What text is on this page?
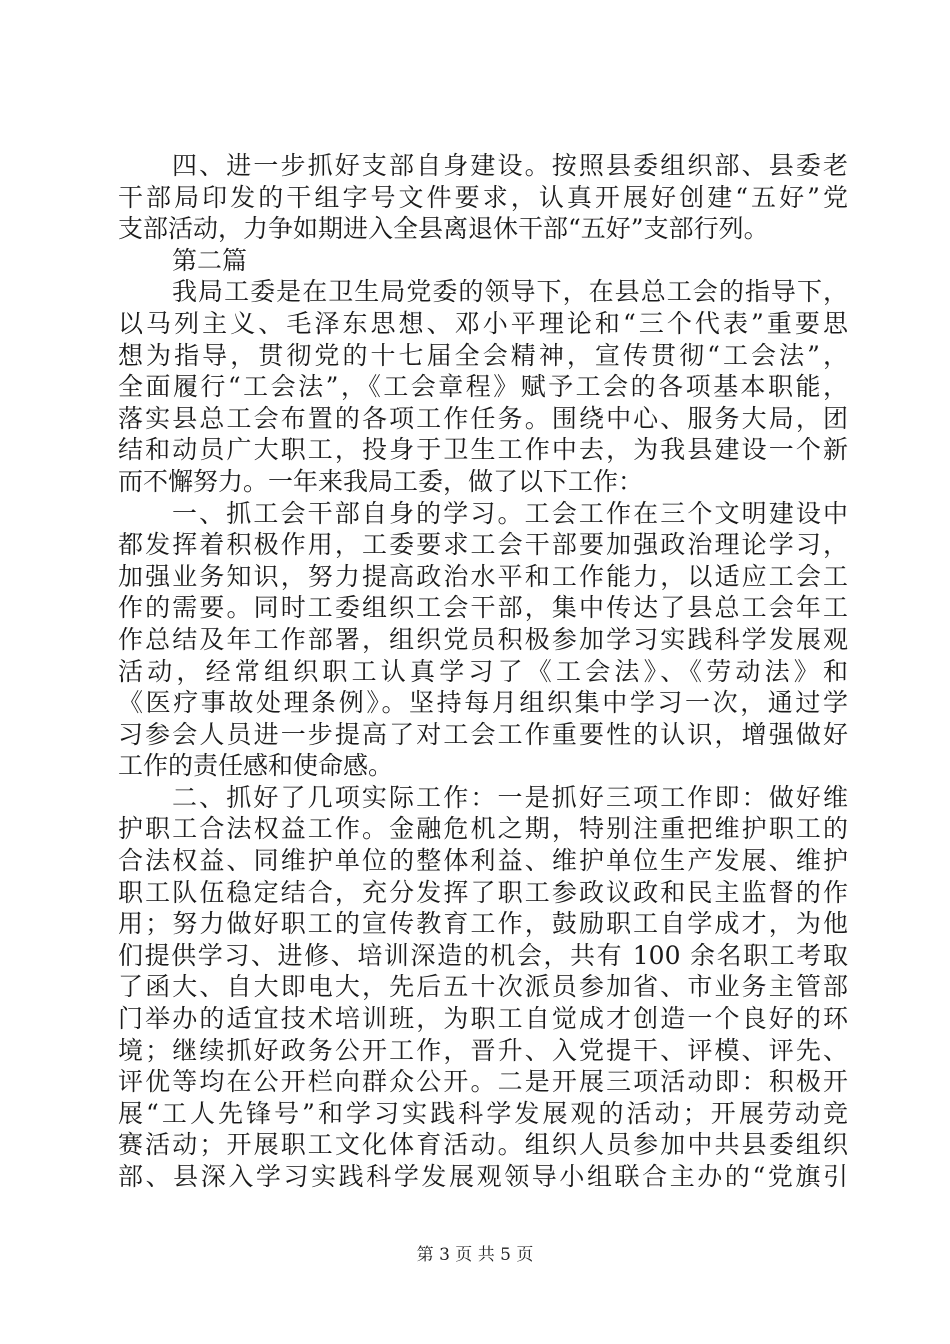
四、进一步抓好支部自身建设。按照县委组织部、县委老
干部局印发的干组字号文件要求，认真开展好创建“五好”党
支部活动，力争如期进入全县离退休干部“五好”支部行列。
第二篇
我局工委是在卫生局党委的领导下，在县总工会的指导下，
以马列主义、毛泽东思想、邓小平理论和“三个代表”重要思
想为指导，贯彻党的十七届全会精神，宣传贯彻“工会法”，
全面履行“工会法”，《工会章程》赋予工会的各项基本职能，
落实县总工会布置的各项工作任务。围绕中心、服务大局，团
结和动员广大职工，投身于卫生工作中去，为我县建设一个新
而不懈努力。一年来我局工委，做了以下工作：
一、抓工会干部自身的学习。工会工作在三个文明建设中
都发挥着积极作用，工委要求工会干部要加强政治理论学习，
加强业务知识，努力提高政治水平和工作能力，以适应工会工
作的需要。同时工委组织工会干部，集中传达了县总工会年工
作总结及年工作部署，组织党员积极参加学习实践科学发展观
活动，经常组织职工认真学习了《工会法》、《劳动法》和
《医疗事故处理条例》。坚持每月组织集中学习一次，通过学
习参会人员进一步提高了对工会工作重要性的认识，增强做好
工作的责任感和使命感。
二、抓好了几项实际工作：一是抓好三项工作即：做好维
护职工合法权益工作。金融危机之期，特别注重把维护职工的
合法权益、同维护单位的整体利益、维护单位生产发展、维护
职工队伍稳定结合，充分发挥了职工参政议政和民主监督的作
用；努力做好职工的宣传教育工作，鼓励职工自学成才，为他
们提供学习、进修、培训深造的机会，共有 100 余名职工考取
了函大、自大即电大，先后五十次派员参加省、市业务主管部
门举办的适宜技术培训班，为职工自觉成才创造一个良好的环
境；继续抓好政务公开工作，晋升、入党提干、评模、评先、
评优等均在公开栏向群众公开。二是开展三项活动即：积极开
展“工人先锋号”和学习实践科学发展观的活动；开展劳动竞
赛活动；开展职工文化体育活动。组织人员参加中共县委组织
部、县深入学习实践科学发展观领导小组联合主办的“党旗引
第 3 页 共 5 页
